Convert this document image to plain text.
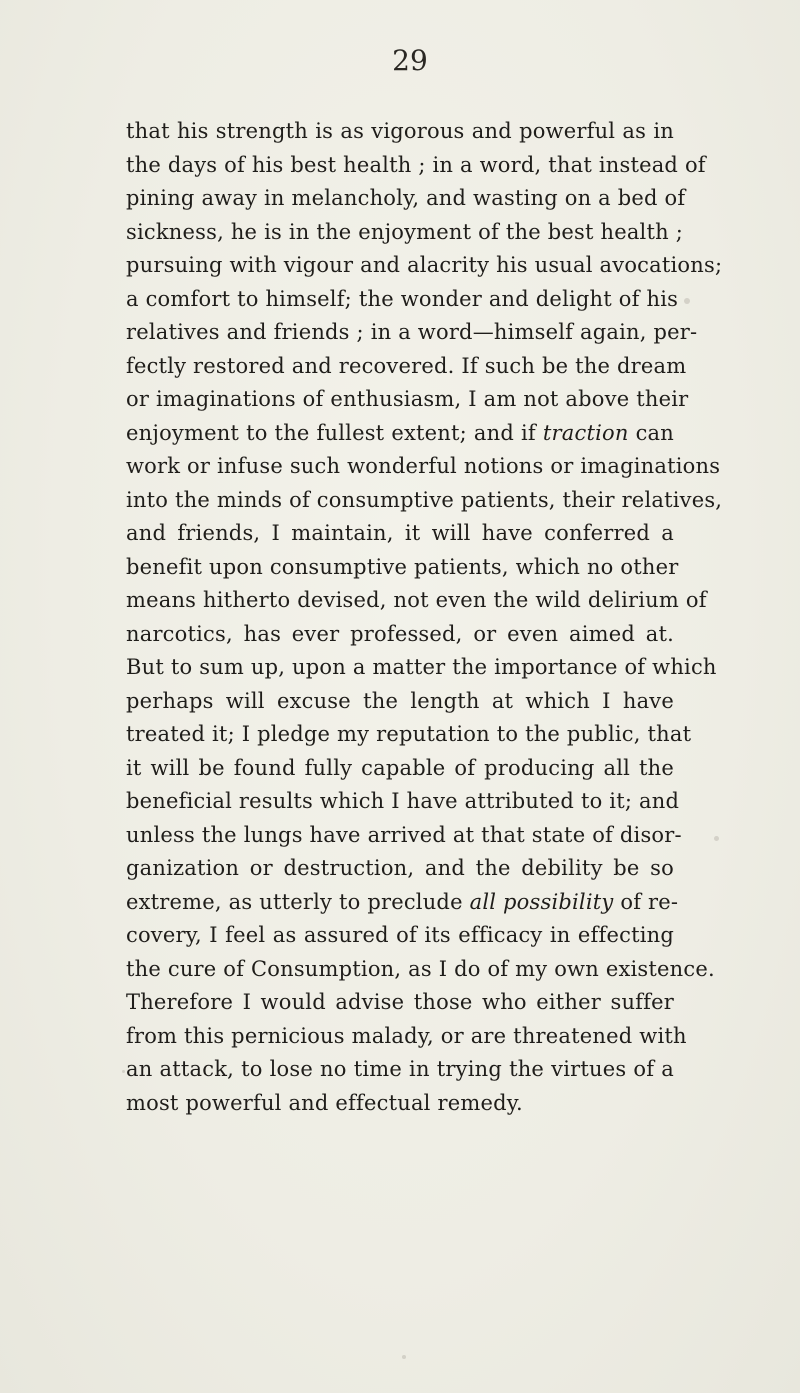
29
that his strength is as vigorous and powerful as in
the days of his best health ; in a word, that instead of
pining away in melancholy, and wasting on a bed of
sickness, he is in the enjoyment of the best health ;
pursuing with vigour and alacrity his usual avocations;
a comfort to himself; the wonder and delight of his
relatives and friends ; in a word—himself again, per-
fectly restored and recovered. If such be the dream
or imaginations of enthusiasm, I am not above their
enjoyment to the fullest extent; and if traction can
work or infuse such wonderful notions or imaginations
into the minds of consumptive patients, their relatives,
and friends, I maintain, it will have conferred a
benefit upon consumptive patients, which no other
means hitherto devised, not even the wild delirium of
narcotics, has ever professed, or even aimed at.
But to sum up, upon a matter the importance of which
perhaps will excuse the length at which I have
treated it; I pledge my reputation to the public, that
it will be found fully capable of producing all the
beneficial results which I have attributed to it; and
unless the lungs have arrived at that state of disor-
ganization or destruction, and the debility be so
extreme, as utterly to preclude all possibility of re-
covery, I feel as assured of its efficacy in effecting
the cure of Consumption, as I do of my own existence.
Therefore I would advise those who either suffer
from this pernicious malady, or are threatened with
an attack, to lose no time in trying the virtues of a
most powerful and effectual remedy.
